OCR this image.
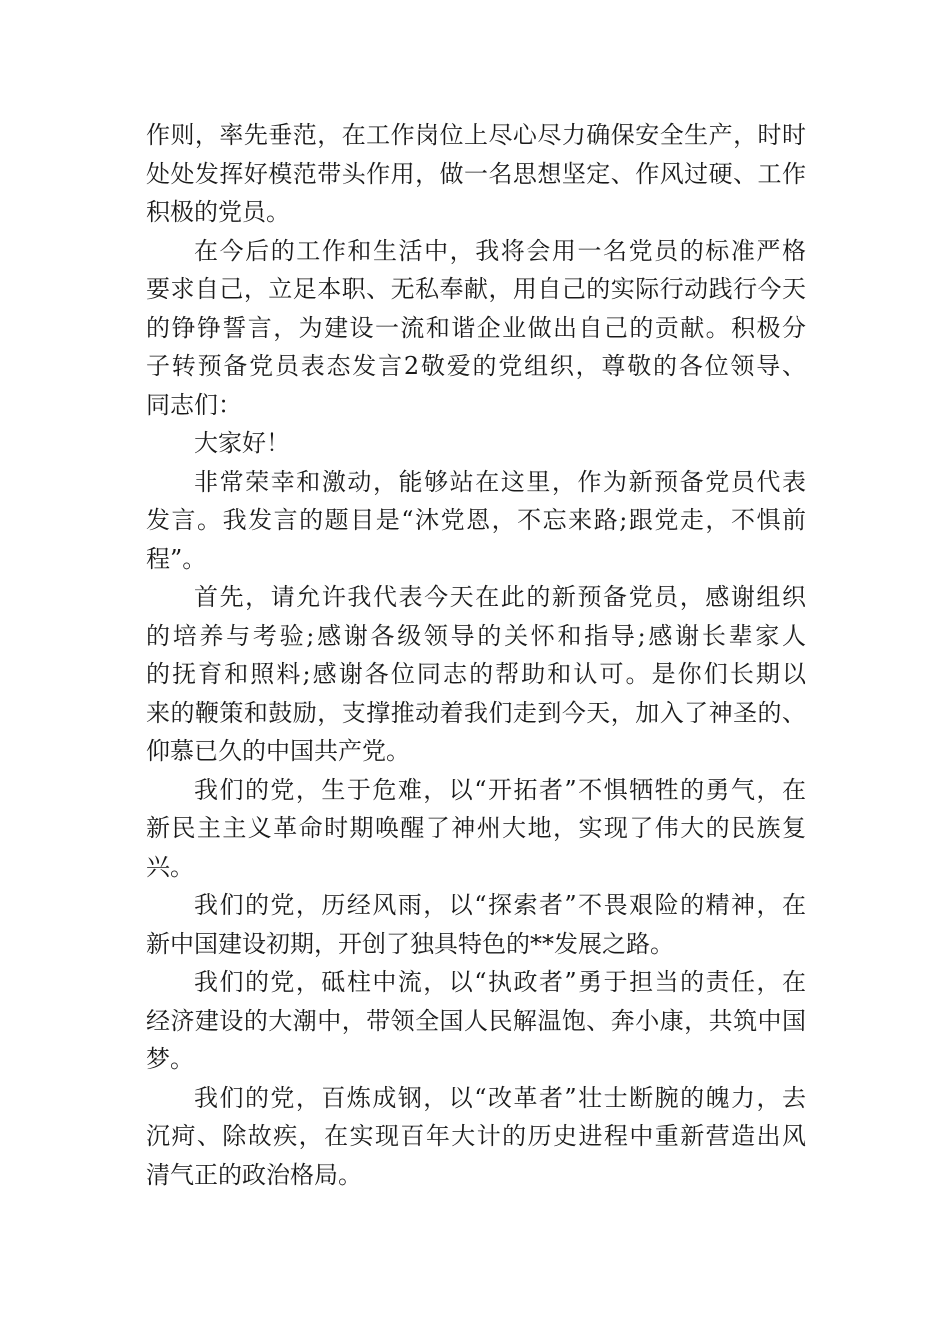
作则，率先垂范，在工作岗位上尽心尽力确保安全生产，时时
处处发挥好模范带头作用，做一名思想坚定、作风过硬、工作
积极的党员。
在今后的工作和生活中，我将会用一名党员的标准严格
要求自己，立足本职、无私奉献，用自己的实际行动践行今天
的铮铮誓言，为建设一流和谐企业做出自己的贡献。积极分
子转预备党员表态发言2敬爱的党组织，尊敬的各位领导、
同志们：
大家好！
非常荣幸和激动，能够站在这里，作为新预备党员代表
发言。我发言的题目是“沐党恩，不忘来路;跟党走，不惧前
程”。
首先，请允许我代表今天在此的新预备党员，感谢组织
的培养与考验;感谢各级领导的关怀和指导;感谢长辈家人
的抚育和照料;感谢各位同志的帮助和认可。是你们长期以
来的鞭策和鼓励，支撑推动着我们走到今天，加入了神圣的、
仰慕已久的中国共产党。
我们的党，生于危难，以“开拓者”不惧牺牲的勇气，在
新民主主义革命时期唤醒了神州大地，实现了伟大的民族复
兴。
我们的党，历经风雨，以“探索者”不畏艰险的精神，在
新中国建设初期，开创了独具特色的**发展之路。
我们的党，砥柱中流，以“执政者”勇于担当的责任，在
经济建设的大潮中，带领全国人民解温饱、奔小康，共筑中国
梦。
我们的党，百炼成钢，以“改革者”壮士断腕的魄力，去
沉疴、除故疾，在实现百年大计的历史进程中重新营造出风
清气正的政治格局。
